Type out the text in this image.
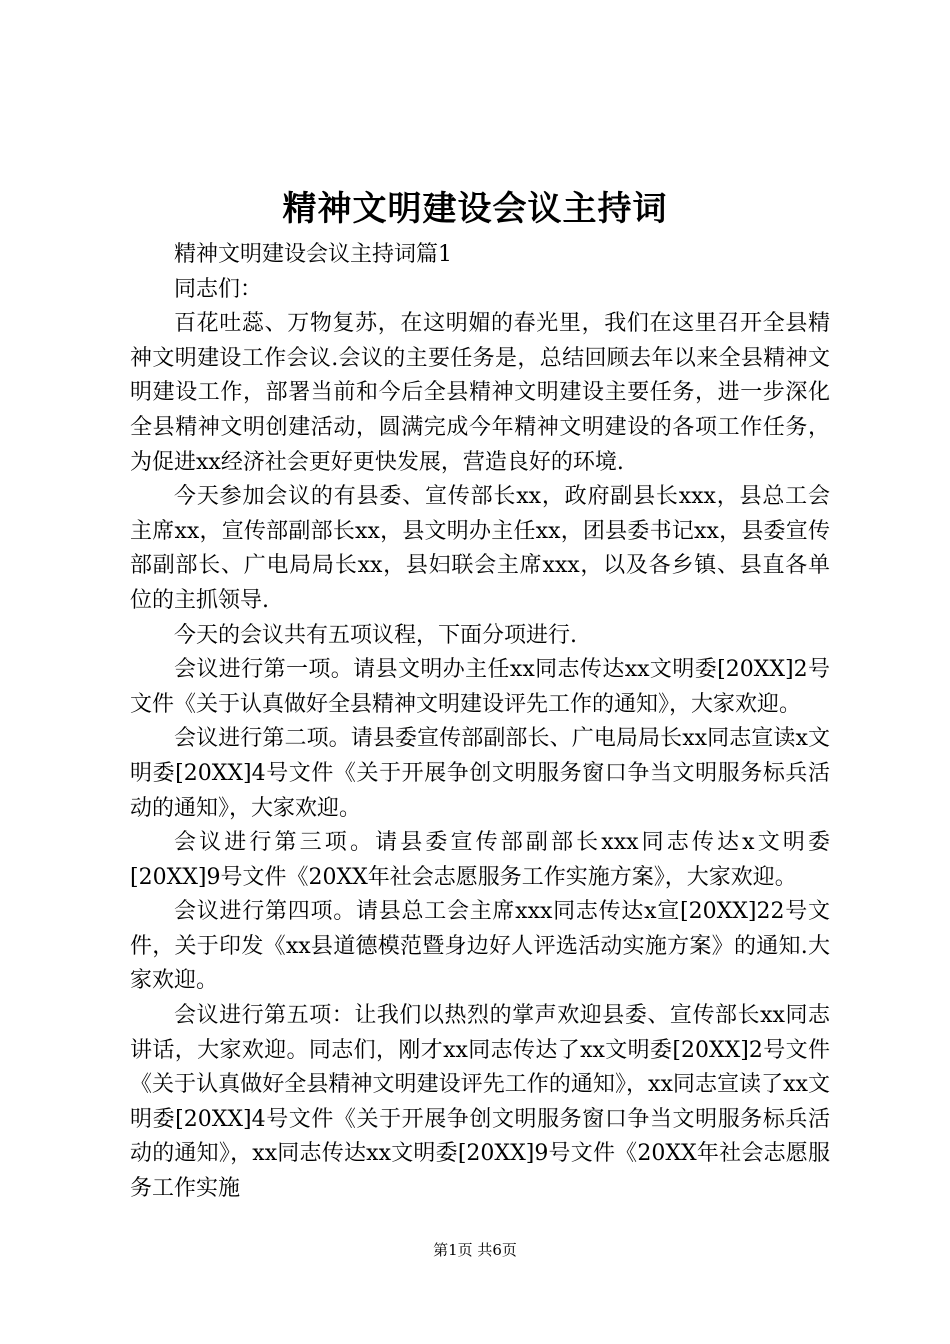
精神文明建设会议主持词

精神文明建设会议主持词篇1

同志们：

百花吐蕊、万物复苏，在这明媚的春光里，我们在这里召开全县精神文明建设工作会议.会议的主要任务是，总结回顾去年以来全县精神文明建设工作，部署当前和今后全县精神文明建设主要任务，进一步深化全县精神文明创建活动，圆满完成今年精神文明建设的各项工作任务，为促进xx经济社会更好更快发展，营造良好的环境.

今天参加会议的有县委、宣传部长xx，政府副县长xxx，县总工会主席xx，宣传部副部长xx，县文明办主任xx，团县委书记xx，县委宣传部副部长、广电局局长xx，县妇联会主席xxx，以及各乡镇、县直各单位的主抓领导.

今天的会议共有五项议程，下面分项进行.

会议进行第一项。请县文明办主任xx同志传达xx文明委[20XX]2号文件《关于认真做好全县精神文明建设评先工作的通知》，大家欢迎。

会议进行第二项。请县委宣传部副部长、广电局局长xx同志宣读x文明委[20XX]4号文件《关于开展争创文明服务窗口争当文明服务标兵活动的通知》，大家欢迎。

会议进行第三项。请县委宣传部副部长xxx同志传达x文明委[20XX]9号文件《20XX年社会志愿服务工作实施方案》，大家欢迎。

会议进行第四项。请县总工会主席xxx同志传达x宣[20XX]22号文件，关于印发《xx县道德模范暨身边好人评选活动实施方案》的通知.大家欢迎。

会议进行第五项：让我们以热烈的掌声欢迎县委、宣传部长xx同志讲话，大家欢迎。同志们，刚才xx同志传达了xx文明委[20XX]2号文件《关于认真做好全县精神文明建设评先工作的通知》，xx同志宣读了xx文明委[20XX]4号文件《关于开展争创文明服务窗口争当文明服务标兵活动的通知》，xx同志传达xx文明委[20XX]9号文件《20XX年社会志愿服务工作实施

第1页 共6页
